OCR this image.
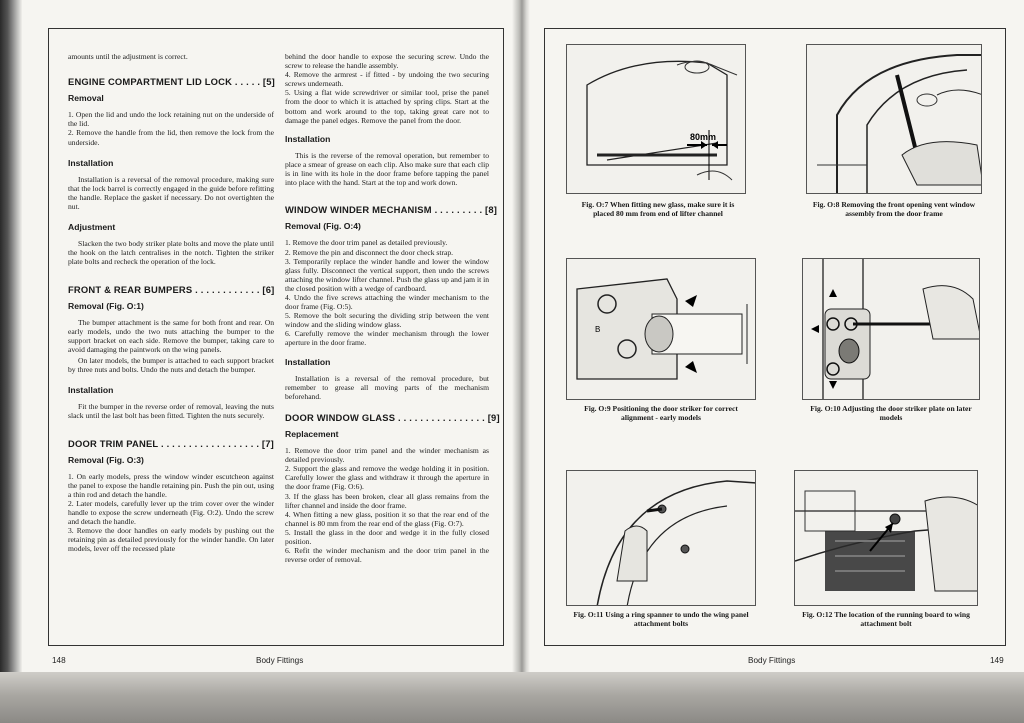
amounts until the adjustment is correct.

ENGINE COMPARTMENT LID LOCK . . . . . [5]
Removal

1. Open the lid and undo the lock retaining nut on the underside of the lid.
2. Remove the handle from the lid, then remove the lock from the underside.

Installation

Installation is a reversal of the removal procedure, making sure that the lock barrel is correctly engaged in the guide before refitting the handle. Replace the gasket if necessary. Do not overtighten the nut.

Adjustment

Slacken the two body striker plate bolts and move the plate until the hook on the latch centralises in the notch. Tighten the striker plate bolts and recheck the operation of the lock.

FRONT & REAR BUMPERS . . . . . . . . . . . . [6]
Removal (Fig. O:1)

The bumper attachment is the same for both front and rear. On early models, undo the two nuts attaching the bumper to the support bracket on each side. Remove the bumper, taking care to avoid damaging the paintwork on the wing panels.

On later models, the bumper is attached to each support bracket by three nuts and bolts. Undo the nuts and detach the bumper.

Installation

Fit the bumper in the reverse order of removal, leaving the nuts slack until the last bolt has been fitted. Tighten the nuts securely.

DOOR TRIM PANEL . . . . . . . . . . . . . . . . . . [7]
Removal (Fig. O:3)

1. On early models, press the window winder escutcheon against the panel to expose the handle retaining pin. Push the pin out, using a thin rod and detach the handle.
2. Later models, carefully lever up the trim cover over the winder handle to expose the screw underneath (Fig. O:2). Undo the screw and detach the handle.
3. Remove the door handles on early models by pushing out the retaining pin as detailed previously for the winder handle. On later models, lever off the recessed plate

behind the door handle to expose the securing screw. Undo the screw to release the handle assembly.
4. Remove the armrest - if fitted - by undoing the two securing screws underneath.
5. Using a flat wide screwdriver or similar tool, prise the panel from the door to which it is attached by spring clips. Start at the bottom and work around to the top, taking great care not to damage the panel edges. Remove the panel from the door.

Installation

This is the reverse of the removal operation, but remember to place a smear of grease on each clip. Also make sure that each clip is in line with its hole in the door frame before tapping the panel into place with the hand. Start at the top and work down.

WINDOW WINDER MECHANISM . . . . . . . . . [8]
Removal (Fig. O:4)

1. Remove the door trim panel as detailed previously.
2. Remove the pin and disconnect the door check strap.
3. Temporarily replace the winder handle and lower the window glass fully. Disconnect the vertical support, then undo the screws attaching the window lifter channel. Push the glass up and jam it in the closed position with a wedge of cardboard.
4. Undo the five screws attaching the winder mechanism to the door frame (Fig. O:5).
5. Remove the bolt securing the dividing strip between the vent window and the sliding window glass.
6. Carefully remove the winder mechanism through the lower aperture in the door frame.

Installation

Installation is a reversal of the removal procedure, but remember to grease all moving parts of the mechanism beforehand.

DOOR WINDOW GLASS . . . . . . . . . . . . . . . . [9]
Replacement

1. Remove the door trim panel and the winder mechanism as detailed previously.
2. Support the glass and remove the wedge holding it in position. Carefully lower the glass and withdraw it through the aperture in the door frame (Fig. O:6).
3. If the glass has been broken, clear all glass remains from the lifter channel and inside the door frame.
4. When fitting a new glass, position it so that the rear end of the channel is 80 mm from the rear end of the glass (Fig. O:7).
5. Install the glass in the door and wedge it in the fully closed position.
6. Refit the winder mechanism and the door trim panel in the reverse order of removal.

148	Body Fittings	Body Fittings	149
80mm
Fig. O:7 When fitting new glass, make sure it is placed 80 mm from end of lifter channel
Fig. O:8 Removing the front opening vent window assembly from the door frame
B
Fig. O:9 Positioning the door striker for correct alignment - early models
Fig. O:10 Adjusting the door striker plate on later models
Fig. O:11 Using a ring spanner to undo the wing panel attachment bolts
Fig. O:12 The location of the running board to wing attachment bolt
